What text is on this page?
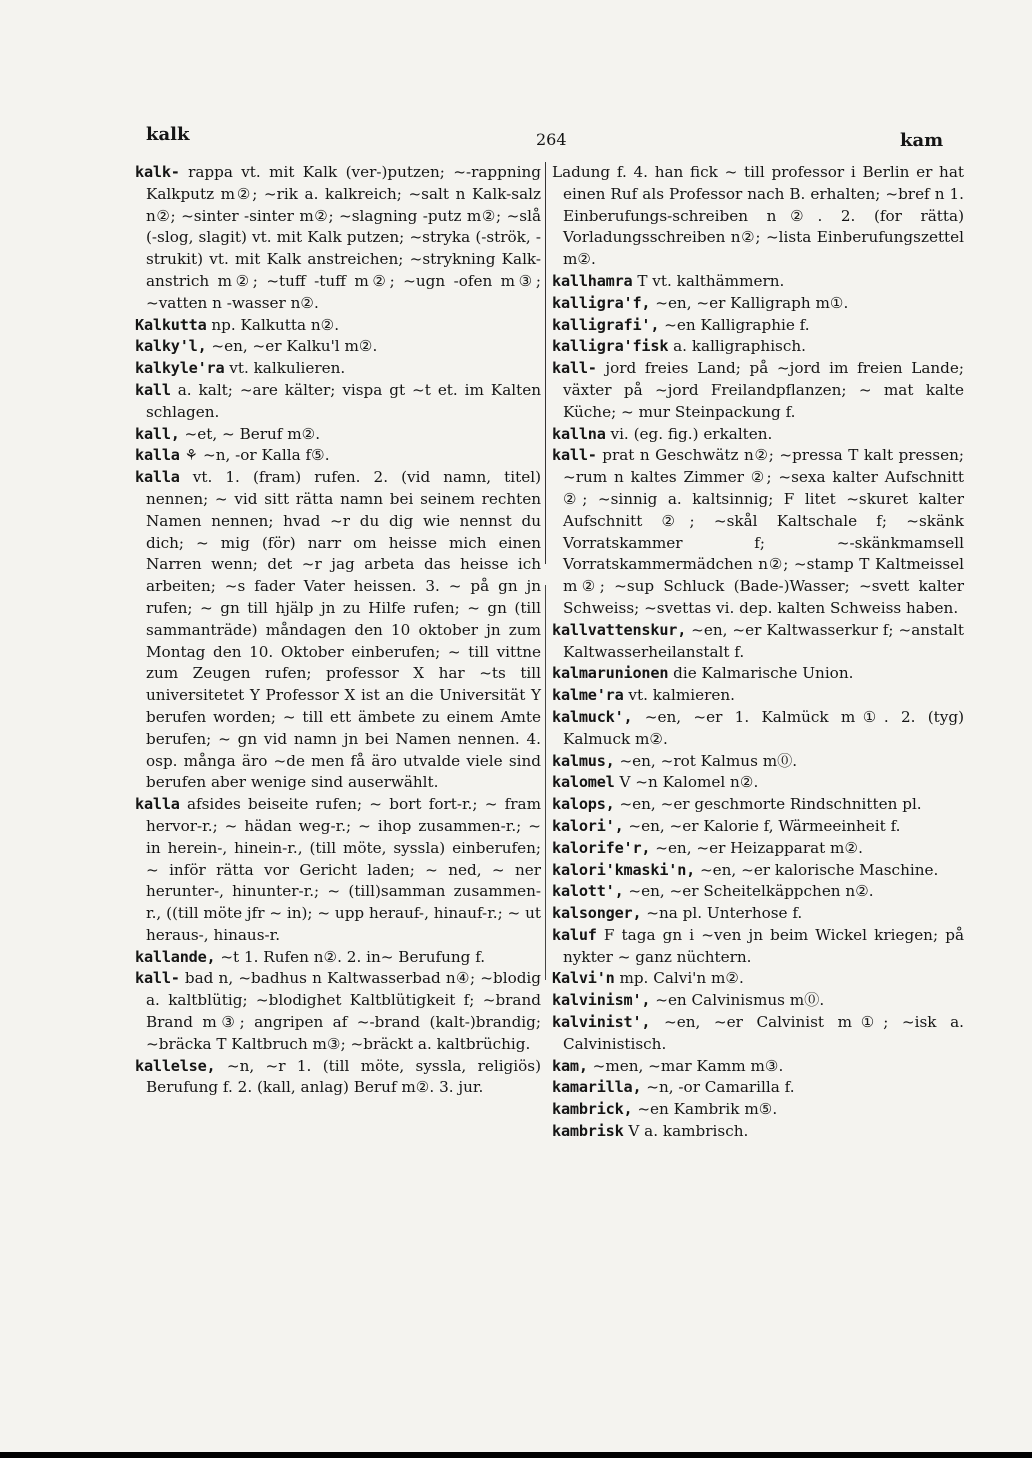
kalk	264	kam

kalk- rappa vt. mit Kalk (ver-)putzen; ~-rappning Kalkputz m②; ~rik a. kalkreich; ~salt n Kalk-salz n②; ~sinter -sinter m②; ~slagning -putz m②; ~slå (-slog, slagit) vt. mit Kalk putzen; ~stryka (-strök, -strukit) vt. mit Kalk anstreichen; ~strykning Kalk-anstrich m②; ~tuff -tuff m②; ~ugn -ofen m③; ~vatten n -wasser n②.

Kalkutta np. Kalkutta n②.

kalky'l, ~en, ~er Kalku'l m②.

kalkyle'ra vt. kalkulieren.

kall a. kalt; ~are kälter; vispa gt ~t et. im Kalten schlagen.

kall, ~et, ~ Beruf m②.

kalla ⚘ ~n, -or Kalla f⑤.

kalla vt. 1. (fram) rufen. 2. (vid namn, titel) nennen; ~ vid sitt rätta namn bei seinem rechten Namen nennen; hvad ~r du dig wie nennst du dich; ~ mig (för) narr om heisse mich einen Narren wenn; det ~r jag arbeta das heisse ich arbeiten; ~s fader Vater heissen. 3. ~ på gn jn rufen; ~ gn till hjälp jn zu Hilfe rufen; ~ gn (till sammanträde) måndagen den 10 oktober jn zum Montag den 10. Oktober einberufen; ~ till vittne zum Zeugen rufen; professor X har ~ts till universitetet Y Professor X ist an die Universität Y berufen worden; ~ till ett ämbete zu einem Amte berufen; ~ gn vid namn jn bei Namen nennen. 4. osp. många äro ~de men få äro utvalde viele sind berufen aber wenige sind auserwählt.

kalla afsides beiseite rufen; ~ bort fort-r.; ~ fram hervor-r.; ~ hädan weg-r.; ~ ihop zusammen-r.; ~ in herein-, hinein-r., (till möte, syssla) einberufen; ~ inför rätta vor Gericht laden; ~ ned, ~ ner herunter-, hinunter-r.; ~ (till)samman zusammen-r., ((till möte jfr ~ in); ~ upp herauf-, hinauf-r.; ~ ut heraus-, hinaus-r.

kallande, ~t 1. Rufen n②. 2. in~ Berufung f.

kall- bad n, ~badhus n Kaltwasserbad n④; ~blodig a. kaltblütig; ~blodighet Kaltblütigkeit f; ~brand Brand m③; angripen af ~-brand (kalt-)brandig; ~bräcka T Kaltbruch m③; ~bräckt a. kaltbrüchig.

kallelse, ~n, ~r 1. (till möte, syssla, religiös) Berufung f. 2. (kall, anlag) Beruf m②. 3. jur.

Ladung f. 4. han fick ~ till professor i Berlin er hat einen Ruf als Professor nach B. erhalten; ~bref n 1. Einberufungs-schreiben n②. 2. (for rätta) Vorladungsschreiben n②; ~lista Einberufungszettel m②.

kallhamra T vt. kalthämmern.

kalligra'f, ~en, ~er Kalligraph m①.

kalligrafi', ~en Kalligraphie f.

kalligra'fisk a. kalligraphisch.

kall- jord freies Land; på ~jord im freien Lande; växter på ~jord Freilandpflanzen; ~ mat kalte Küche; ~ mur Steinpackung f.

kallna vi. (eg. fig.) erkalten.

kall- prat n Geschwätz n②; ~pressa T kalt pressen; ~rum n kaltes Zimmer ②; ~sexa kalter Aufschnitt ②; ~sinnig a. kaltsinnig; F litet ~skuret kalter Aufschnitt ②; ~skål Kaltschale f; ~skänk Vorratskammer f; ~-skänkmamsell Vorratskammermädchen n②; ~stamp T Kaltmeissel m②; ~sup Schluck (Bade-)Wasser; ~svett kalter Schweiss; ~svettas vi. dep. kalten Schweiss haben.

kallvattenskur, ~en, ~er Kaltwasserkur f; ~anstalt Kaltwasserheilanstalt f.

kalmarunionen die Kalmarische Union.

kalme'ra vt. kalmieren.

kalmuck', ~en, ~er 1. Kalmück m①. 2. (tyg) Kalmuck m②.

kalmus, ~en, ~rot Kalmus m⓪.

kalomel V ~n Kalomel n②.

kalops, ~en, ~er geschmorte Rindschnitten pl.

kalori', ~en, ~er Kalorie f, Wärmeeinheit f.

kalorife'r, ~en, ~er Heizapparat m②.

kalori'kmaski'n, ~en, ~er kalorische Maschine.

kalott', ~en, ~er Scheitelkäppchen n②.

kalsonger, ~na pl. Unterhose f.

kaluf F taga gn i ~ven jn beim Wickel kriegen; på nykter ~ ganz nüchtern.

Kalvi'n mp. Calvi'n m②.

kalvinism', ~en Calvinismus m⓪.

kalvinist', ~en, ~er Calvinist m①; ~isk a. Calvinistisch.

kam, ~men, ~mar Kamm m③.

kamarilla, ~n, -or Camarilla f.

kambrick, ~en Kambrik m⑤.

kambrisk V a. kambrisch.
